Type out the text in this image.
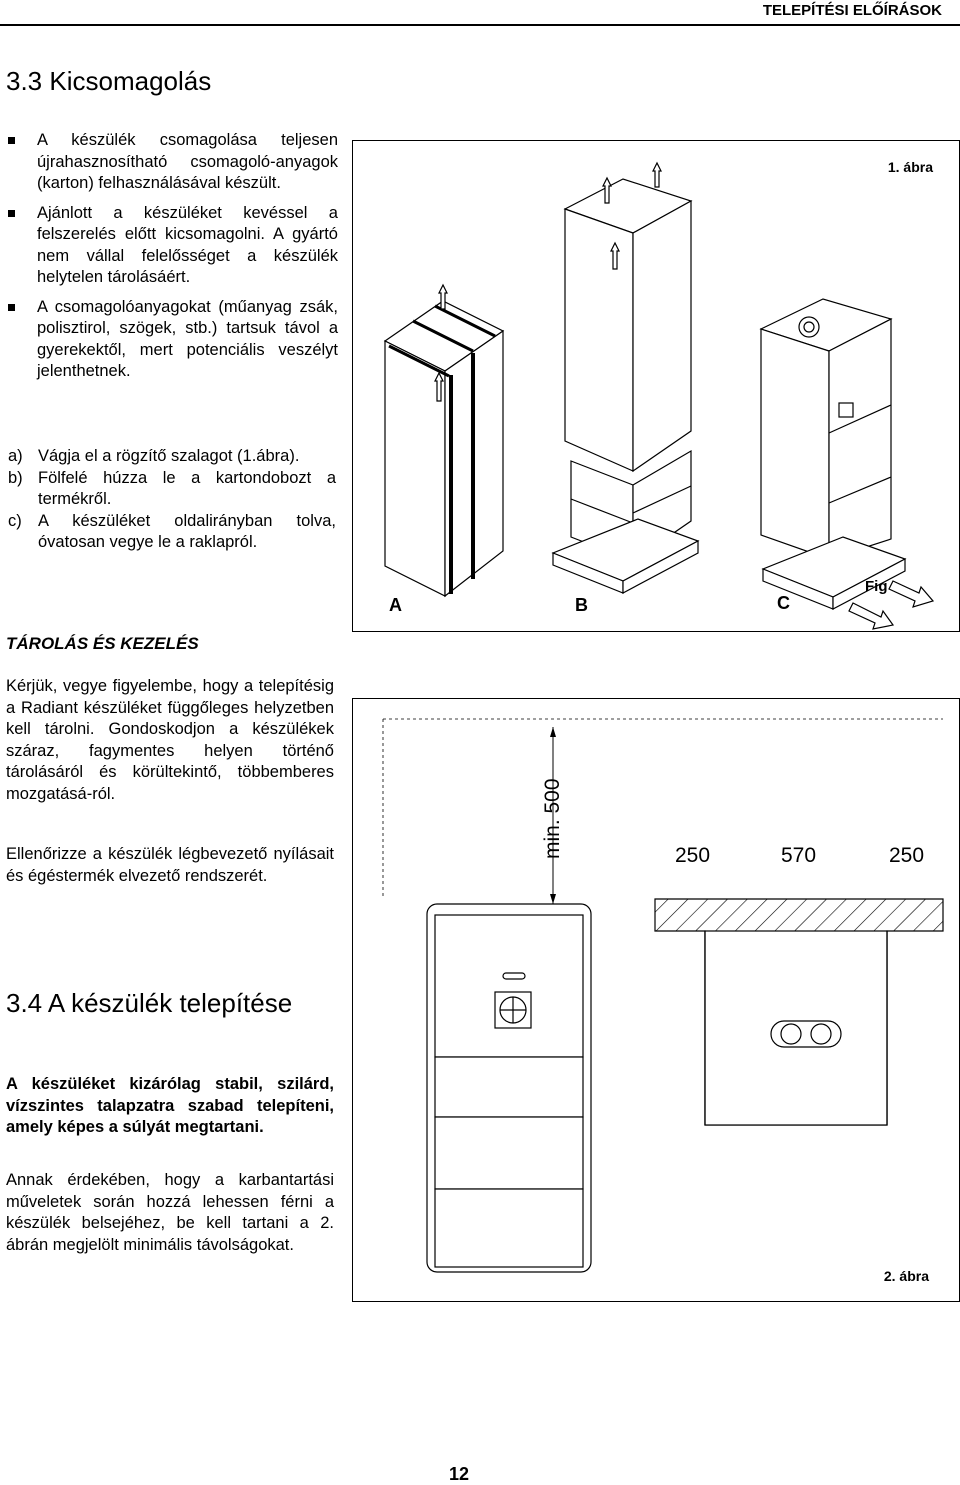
TELEPÍTÉSI ELŐÍRÁSOK
3.3 Kicsomagolás
A készülék csomagolása teljesen újrahasznosítható csomagoló-anyagok (karton) felhasználásával készült.
Ajánlott a készüléket kevéssel a felszerelés előtt kicsomagolni. A gyártó nem vállal felelősséget a készülék helytelen tárolásáért.
A csomagolóanyagokat (műanyag zsák, polisztirol, szögek, stb.) tartsuk távol a gyerekektől, mert potenciális veszélyt jelenthetnek.
a) Vágja el a rögzítő szalagot (1.ábra).
b) Fölfelé húzza le a kartondobozt a termékről.
c) A készüléket oldalirányban tolva, óvatosan vegye le a raklapról.
1. ábra
A	B	C
Fig
TÁROLÁS ÉS KEZELÉS
Kérjük, vegye figyelembe, hogy a telepítésig a Radiant készüléket függőleges helyzetben kell tárolni. Gondoskodjon a készülékek száraz, fagymentes helyen történő tárolásáról és körültekintő, többemberes mozgatásá-ról.
Ellenőrizze a készülék légbevezető nyílásait és égéstermék elvezető rendszerét.
2. ábra
min. 500	250	570	250
3.4 A készülék telepítése
A készüléket kizárólag stabil, szilárd, vízszintes talapzatra szabad telepíteni, amely képes a súlyát megtartani.
Annak érdekében, hogy a karbantartási műveletek során hozzá lehessen férni a készülék belsejéhez, be kell tartani a 2. ábrán megjelölt minimális távolságokat.
12
